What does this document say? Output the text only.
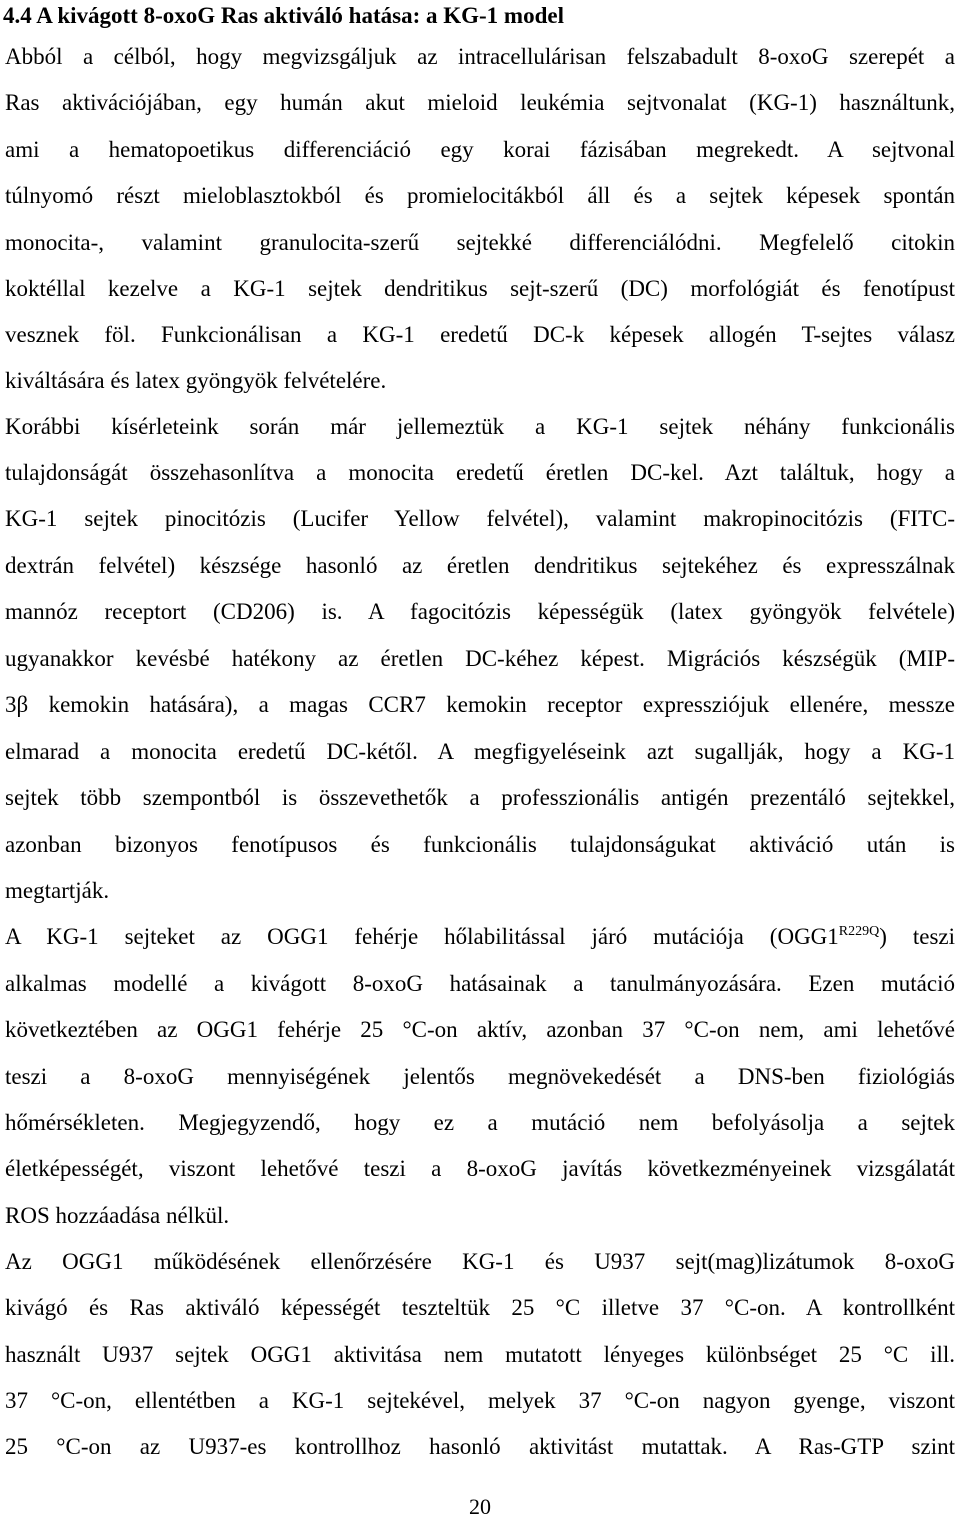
4.4 A kivágott 8-oxoG Ras aktiváló hatása: a KG-1 model
Abból a célból, hogy megvizsgáljuk az intracellulárisan felszabadult 8-oxoG szerepét a
Ras aktivációjában, egy humán akut mieloid leukémia sejtvonalat (KG-1) használtunk,
ami a hematopoetikus differenciáció egy korai fázisában megrekedt. A sejtvonal
túlnyomó részt mieloblasztokból és promielocitákból áll és a sejtek képesek spontán
monocita-, valamint granulocita-szerű sejtekké differenciálódni. Megfelelő citokin
koktéllal kezelve a KG-1 sejtek dendritikus sejt-szerű (DC) morfológiát és fenotípust
vesznek föl. Funkcionálisan a KG-1 eredetű DC-k képesek allogén T-sejtes válasz
kiváltására és latex gyöngyök felvételére.
Korábbi kísérleteink során már jellemeztük a KG-1 sejtek néhány funkcionális
tulajdonságát összehasonlítva a monocita eredetű éretlen DC-kel. Azt találtuk, hogy a
KG-1 sejtek pinocitózis (Lucifer Yellow felvétel), valamint makropinocitózis (FITC-
dextrán felvétel) készsége hasonló az éretlen dendritikus sejtekéhez és expresszálnak
mannóz receptort (CD206) is. A fagocitózis képességük (latex gyöngyök felvétele)
ugyanakkor kevésbé hatékony az éretlen DC-kéhez képest. Migrációs készségük (MIP-
3β kemokin hatására), a magas CCR7 kemokin receptor expressziójuk ellenére, messze
elmarad a monocita eredetű DC-kétől. A megfigyeléseink azt sugallják, hogy a KG-1
sejtek több szempontból is összevethetők a professzionális antigén prezentáló sejtekkel,
azonban bizonyos fenotípusos és funkcionális tulajdonságukat aktiváció után is
megtartják.
A KG-1 sejteket az OGG1 fehérje hőlabilitással járó mutációja $(OGG1^{R229Q})$ teszi
alkalmas modellé a kivágott 8-oxoG hatásainak a tanulmányozására. Ezen mutáció
következtében az OGG1 fehérje 25 °C-on aktív, azonban 37 °C-on nem, ami lehetővé
teszi a 8-oxoG mennyiségének jelentős megnövekedését a DNS-ben fiziológiás
hőmérsékleten. Megjegyzendő, hogy ez a mutáció nem befolyásolja a sejtek
életképességét, viszont lehetővé teszi a 8-oxoG javítás következményeinek vizsgálatát
ROS hozzáadása nélkül.
Az OGG1 működésének ellenőrzésére KG-1 és U937 sejt(mag)lizátumok 8-oxoG
kivágó és Ras aktiváló képességét teszteltük 25 °C illetve 37 °C-on. A kontrollként
használt U937 sejtek OGG1 aktivitása nem mutatott lényeges különbséget 25 °C ill.
37 °C-on, ellentétben a KG-1 sejtekével, melyek 37 °C-on nagyon gyenge, viszont
25 °C-on az U937-es kontrollhoz hasonló aktivitást mutattak. A Ras-GTP szint
20
